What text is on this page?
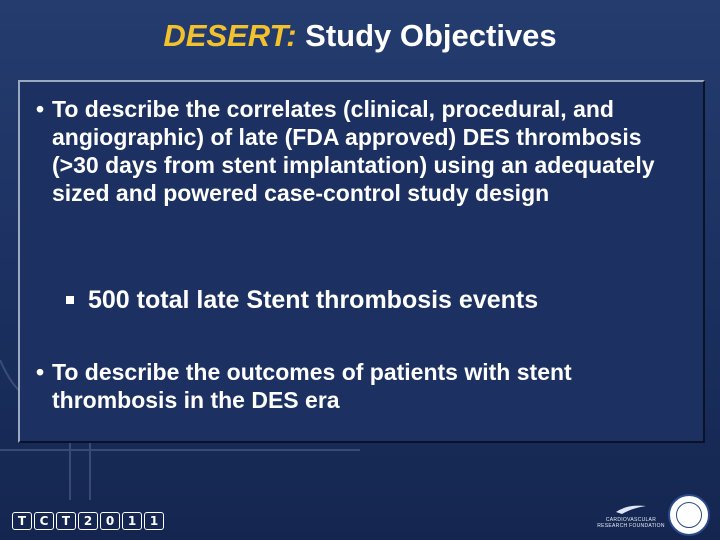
DESERT: Study Objectives
• To describe the correlates (clinical, procedural, and angiographic) of late (FDA approved) DES thrombosis (>30 days from stent implantation) using an adequately sized and powered case-control study design
500 total late Stent thrombosis events
• To describe the outcomes of patients with stent thrombosis in the DES era
T	C	T	2	0	1	1	CARDIOVASCULAR RESEARCH FOUNDATION
